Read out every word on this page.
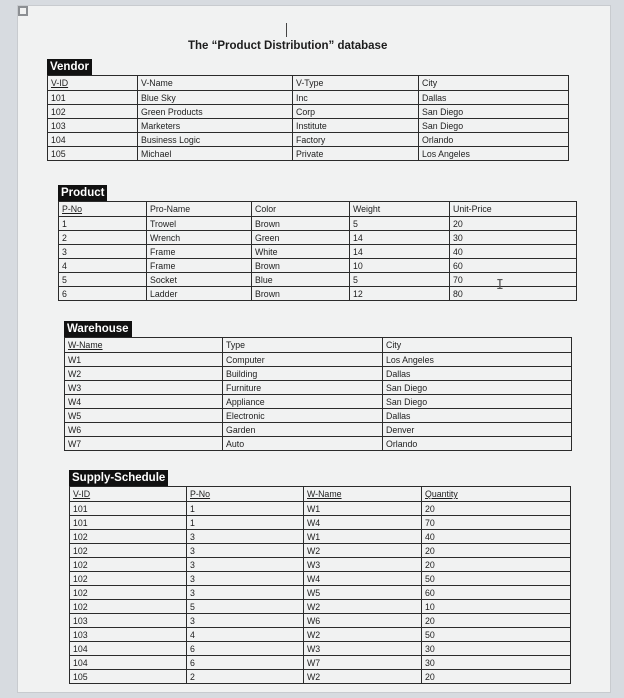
The “Product Distribution” database
Vendor
V-ID	V-Name	V-Type	City
101	Blue Sky	Inc	Dallas
102	Green Products	Corp	San Diego
103	Marketers	Institute	San Diego
104	Business Logic	Factory	Orlando
105	Michael	Private	Los Angeles
Product
P-No	Pro-Name	Color	Weight	Unit-Price
1	Trowel	Brown	5	20
2	Wrench	Green	14	30
3	Frame	White	14	40
4	Frame	Brown	10	60
5	Socket	Blue	5	70
6	Ladder	Brown	12	80
Warehouse
W-Name	Type	City
W1	Computer	Los Angeles
W2	Building	Dallas
W3	Furniture	San Diego
W4	Appliance	San Diego
W5	Electronic	Dallas
W6	Garden	Denver
W7	Auto	Orlando
Supply-Schedule
V-ID	P-No	W-Name	Quantity
101	1	W1	20
101	1	W4	70
102	3	W1	40
102	3	W2	20
102	3	W3	20
102	3	W4	50
102	3	W5	60
102	5	W2	10
103	3	W6	20
103	4	W2	50
104	6	W3	30
104	6	W7	30
105	2	W2	20
I
